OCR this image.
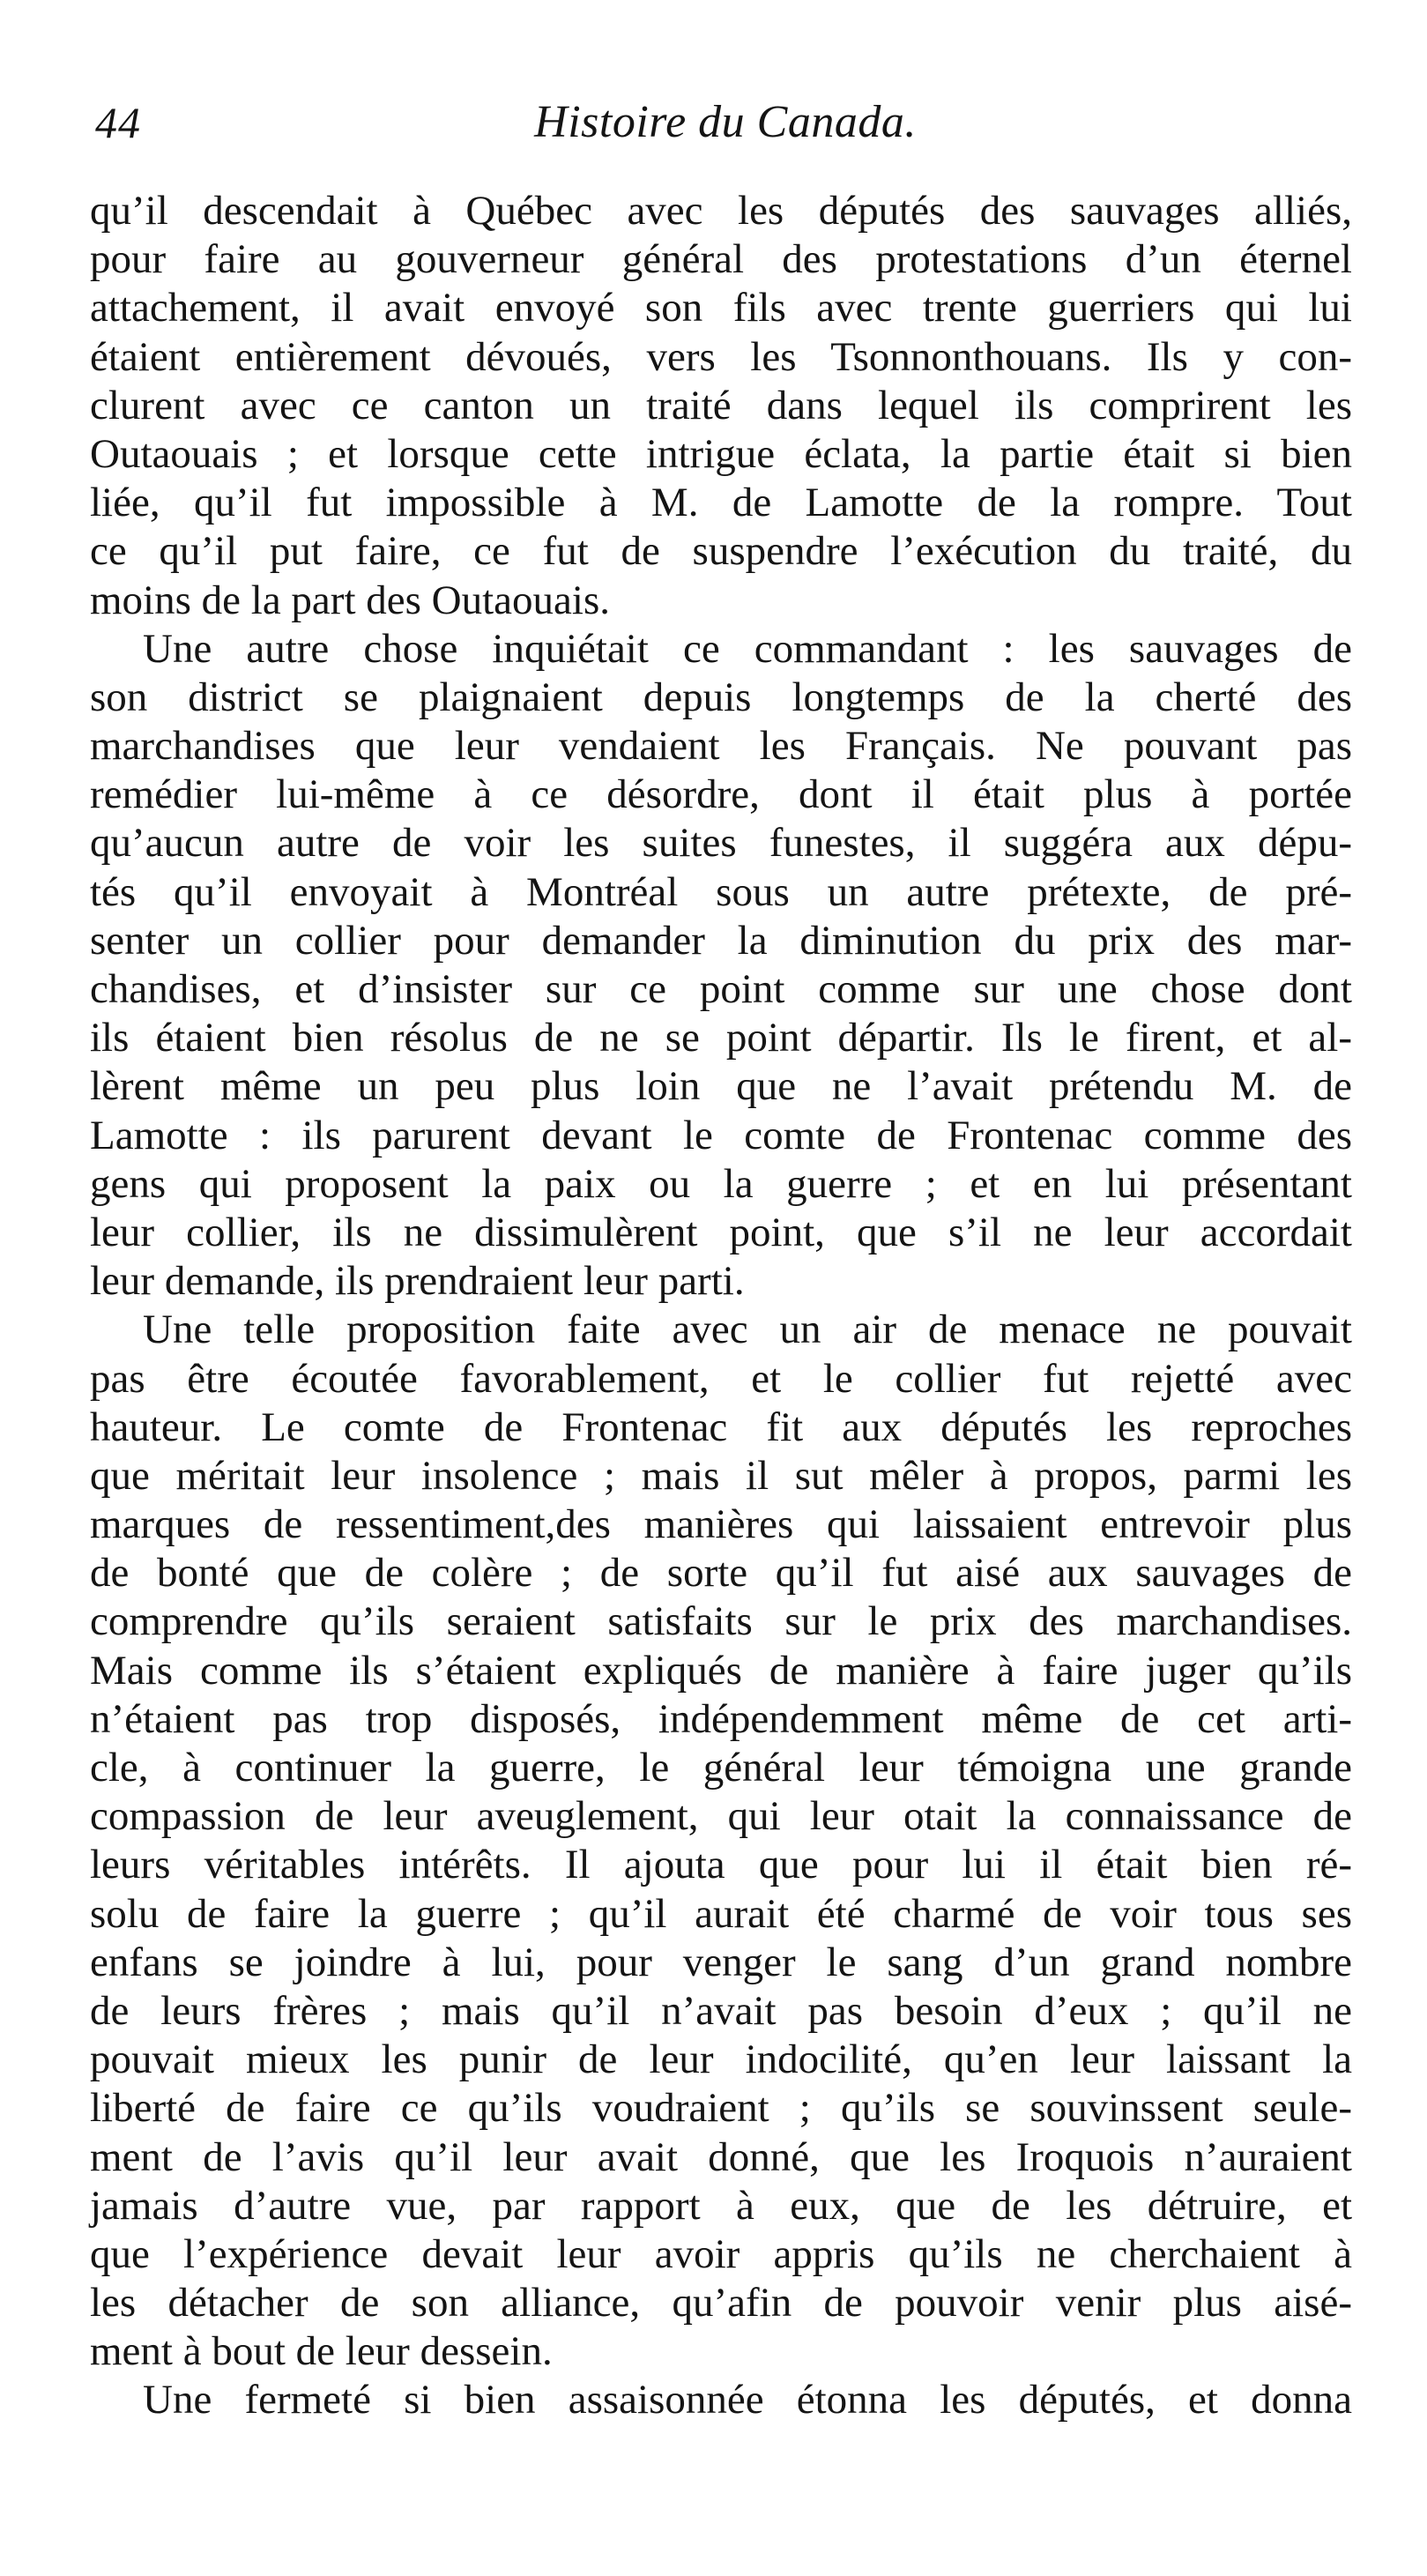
44	Histoire du Canada.
qu’il descendait à Québec avec les députés des sauvages alliés,
pour faire au gouverneur général des protestations d’un éternel
attachement, il avait envoyé son fils avec trente guerriers qui lui
étaient entièrement dévoués, vers les Tsonnonthouans. Ils y con-
clurent avec ce canton un traité dans lequel ils comprirent les
Outaouais ; et lorsque cette intrigue éclata, la partie était si bien
liée, qu’il fut impossible à M. de Lamotte de la rompre. Tout
ce qu’il put faire, ce fut de suspendre l’exécution du traité, du
moins de la part des Outaouais.
Une autre chose inquiétait ce commandant : les sauvages de
son district se plaignaient depuis longtemps de la cherté des
marchandises que leur vendaient les Français. Ne pouvant pas
remédier lui-même à ce désordre, dont il était plus à portée
qu’aucun autre de voir les suites funestes, il suggéra aux dépu-
tés qu’il envoyait à Montréal sous un autre prétexte, de pré-
senter un collier pour demander la diminution du prix des mar-
chandises, et d’insister sur ce point comme sur une chose dont
ils étaient bien résolus de ne se point départir. Ils le firent, et al-
lèrent même un peu plus loin que ne l’avait prétendu M. de
Lamotte : ils parurent devant le comte de Frontenac comme des
gens qui proposent la paix ou la guerre ; et en lui présentant
leur collier, ils ne dissimulèrent point, que s’il ne leur accordait
leur demande, ils prendraient leur parti.
Une telle proposition faite avec un air de menace ne pouvait
pas être écoutée favorablement, et le collier fut rejetté avec
hauteur. Le comte de Frontenac fit aux députés les reproches
que méritait leur insolence ; mais il sut mêler à propos, parmi les
marques de ressentiment,des manières qui laissaient entrevoir plus
de bonté que de colère ; de sorte qu’il fut aisé aux sauvages de
comprendre qu’ils seraient satisfaits sur le prix des marchandises.
Mais comme ils s’étaient expliqués de manière à faire juger qu’ils
n’étaient pas trop disposés, indépendemment même de cet arti-
cle, à continuer la guerre, le général leur témoigna une grande
compassion de leur aveuglement, qui leur otait la connaissance de
leurs véritables intérêts. Il ajouta que pour lui il était bien ré-
solu de faire la guerre ; qu’il aurait été charmé de voir tous ses
enfans se joindre à lui, pour venger le sang d’un grand nombre
de leurs frères ; mais qu’il n’avait pas besoin d’eux ; qu’il ne
pouvait mieux les punir de leur indocilité, qu’en leur laissant la
liberté de faire ce qu’ils voudraient ; qu’ils se souvinssent seule-
ment de l’avis qu’il leur avait donné, que les Iroquois n’auraient
jamais d’autre vue, par rapport à eux, que de les détruire, et
que l’expérience devait leur avoir appris qu’ils ne cherchaient à
les détacher de son alliance, qu’afin de pouvoir venir plus aisé-
ment à bout de leur dessein.
Une fermeté si bien assaisonnée étonna les députés, et donna
